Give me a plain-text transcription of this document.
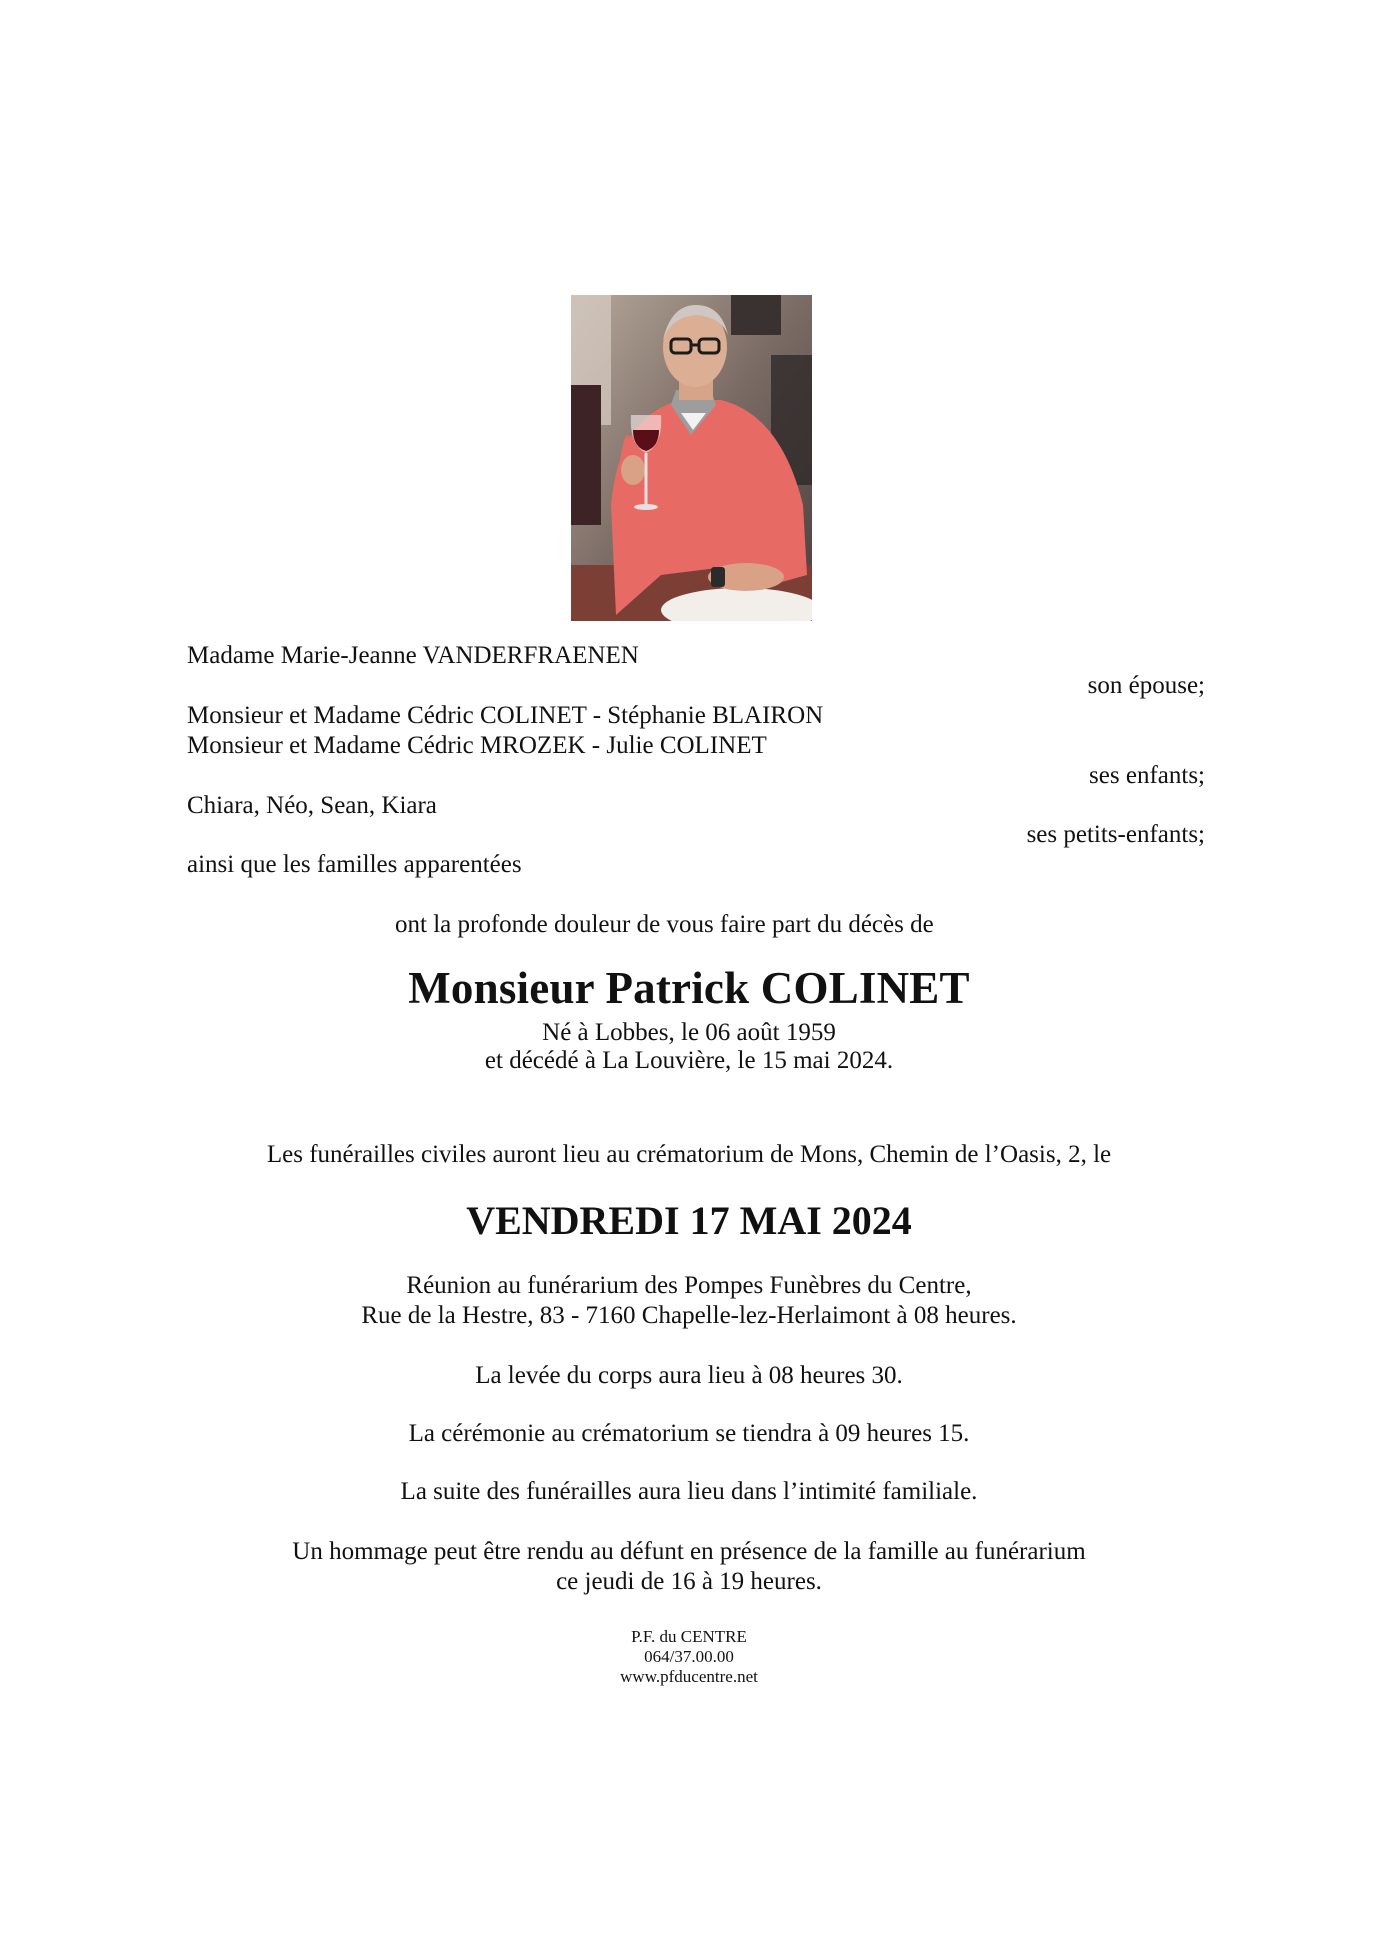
Madame Marie-Jeanne VANDERFRAENEN
son épouse;
Monsieur et Madame Cédric COLINET - Stéphanie BLAIRON
Monsieur et Madame Cédric MROZEK - Julie COLINET
ses enfants;
Chiara, Néo, Sean, Kiara
ses petits-enfants;
ainsi que les familles apparentées
ont la profonde douleur de vous faire part du décès de
Monsieur Patrick COLINET
Né à Lobbes, le 06 août 1959
et décédé à La Louvière, le 15 mai 2024.
Les funérailles civiles auront lieu au crématorium de Mons, Chemin de l’Oasis, 2, le
VENDREDI 17 MAI 2024
Réunion au funérarium des Pompes Funèbres du Centre,
Rue de la Hestre, 83 - 7160 Chapelle-lez-Herlaimont à 08 heures.
La levée du corps aura lieu à 08 heures 30.
La cérémonie au crématorium se tiendra à 09 heures 15.
La suite des funérailles aura lieu dans l’intimité familiale.
Un hommage peut être rendu au défunt en présence de la famille au funérarium
ce jeudi de 16 à 19 heures.
P.F. du CENTRE
064/37.00.00
www.pfducentre.net
